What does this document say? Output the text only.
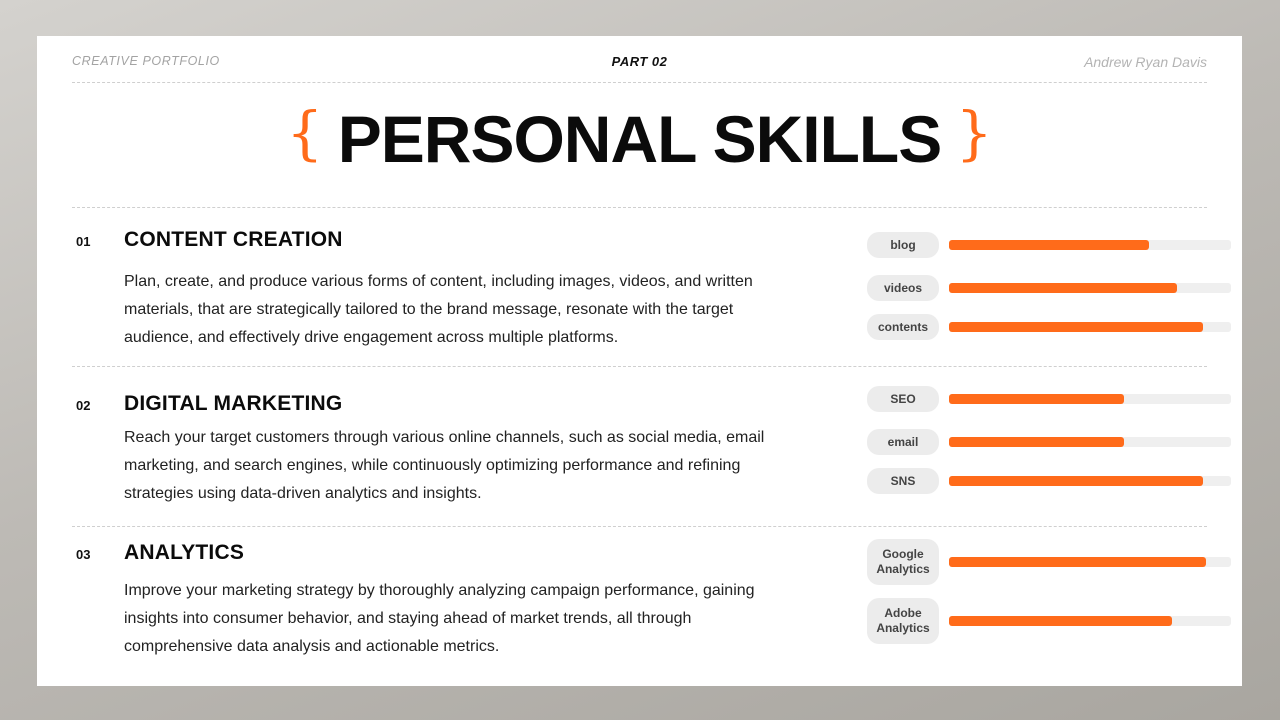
CREATIVE PORTFOLIO	PART 02	Andrew Ryan Davis
{ PERSONAL SKILLS }
01 CONTENT CREATION
Plan, create, and produce various forms of content, including images, videos, and written materials, that are strategically tailored to the brand message, resonate with the target audience, and effectively drive engagement across multiple platforms.
blog
videos
contents
02 DIGITAL MARKETING
Reach your target customers through various online channels, such as social media, email marketing, and search engines, while continuously optimizing performance and refining strategies using data-driven analytics and insights.
SEO
email
SNS
03 ANALYTICS
Improve your marketing strategy by thoroughly analyzing campaign performance, gaining insights into consumer behavior, and staying ahead of market trends, all through comprehensive data analysis and actionable metrics.
Google Analytics
Adobe Analytics
